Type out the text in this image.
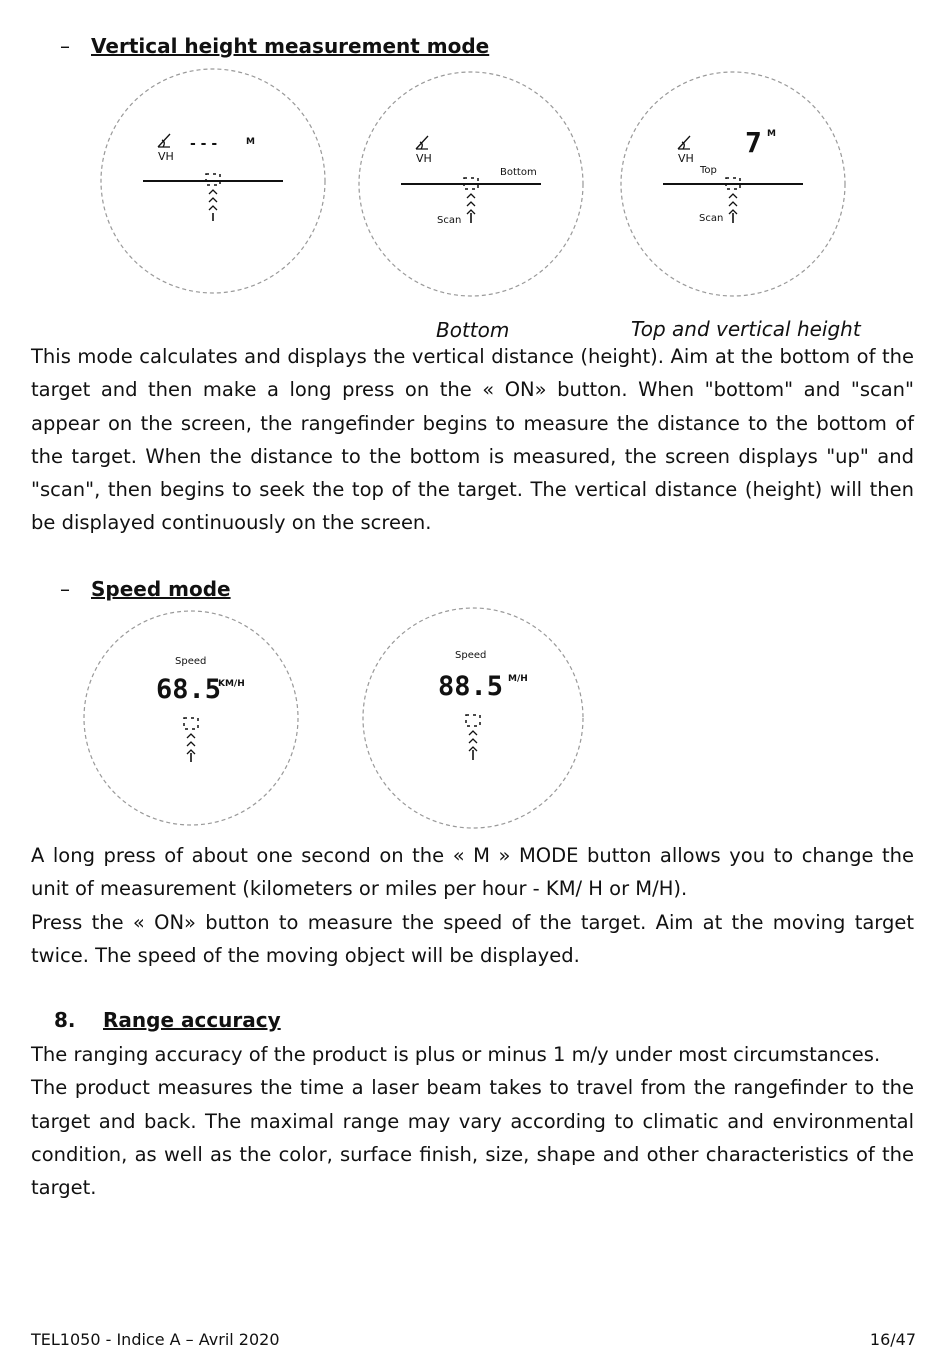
– Vertical height measurement mode
VH
- - -	M
VH
Bottom
Scan
VH 7 M
Top
Scan
Bottom	Top and vertical height

This mode calculates and displays the vertical distance (height). Aim at the bottom of the target and then make a long press on the « ON» button. When "bottom" and "scan" appear on the screen, the rangefinder begins to measure the distance to the bottom of the target. When the distance to the bottom is measured, the screen displays "up" and "scan", then begins to seek the top of the target. The vertical distance (height) will then be displayed continuously on the screen.

– Speed mode
Speed
68.5
KM/H
Speed
88.5 M/H

A long press of about one second on the « M » MODE button allows you to change the unit of measurement (kilometers or miles per hour - KM/ H or M/H).

Press the « ON» button to measure the speed of the target. Aim at the moving target twice. The speed of the moving object will be displayed.

8. Range accuracy

The ranging accuracy of the product is plus or minus 1 m/y under most circumstances.

The product measures the time a laser beam takes to travel from the rangefinder to the target and back. The maximal range may vary according to climatic and environmental condition, as well as the color, surface finish, size, shape and other characteristics of the target.

TEL1050 - Indice A – Avril 2020	16/47
